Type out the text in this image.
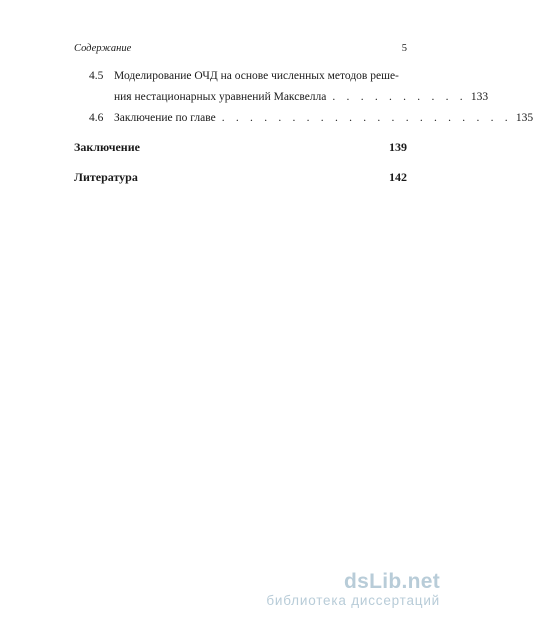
Содержание	5
4.5 Моделирование ОЧД на основе численных методов реше-
ния нестационарных уравнений Максвелла . . . . . . . . . . 133
4.6 Заключение по главе . . . . . . . . . . . . . . . . . . . . . 135
Заключение	139
Литература	142
dsLib.net
библиотека диссертаций
